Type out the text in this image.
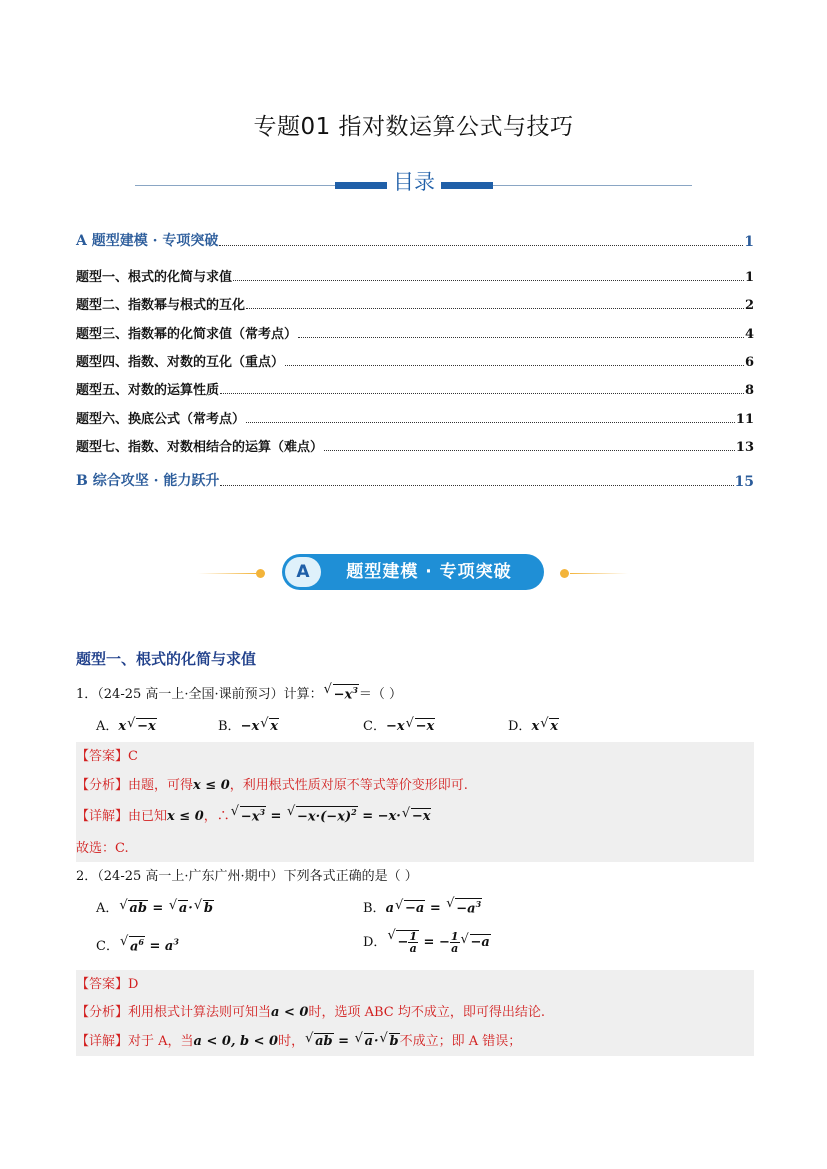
专题01 指对数运算公式与技巧
目录
A 题型建模 · 专项突破	1
题型一、根式的化简与求值	1
题型二、指数幂与根式的互化	2
题型三、指数幂的化简求值（常考点）	4
题型四、指数、对数的互化（重点）	6
题型五、对数的运算性质	8
题型六、换底公式（常考点）	11
题型七、指数、对数相结合的运算（难点）	13
B 综合攻坚 · 能力跃升	15
A	题型建模 · 专项突破
题型一、根式的化简与求值
1．（24-25 高一上·全国·课前预习）计算： √ $-x^3=$（ ）
A．x √ −x	B．−x √ x	C．−x √ −x	D．x √ x
【答案】C
【分析】由题，可得x ≤ 0，利用根式性质对原不等式等价变形即可.
【详解】由已知x ≤ 0，∴ √ $-x^3$ = √ $-x\cdot(-x)^2 = -x\cdot$ √ −x
故选：C.
2．（24-25 高一上·广东广州·期中）下列各式正确的是（ ）
A． √ ab = √ a· √ b	B．a √ −a = √ $-a^3$
C． √ $a^6 = a^3$	D． √ − $\frac{1}{a}$ = − $\frac{1}{a}$ √ −a
【答案】D
【分析】利用根式计算法则可知当a < 0时，选项 ABC 均不成立，即可得出结论.
【详解】对于 A，当a < 0, b < 0时， √ ab = √ a· √ b不成立；即 A 错误；
